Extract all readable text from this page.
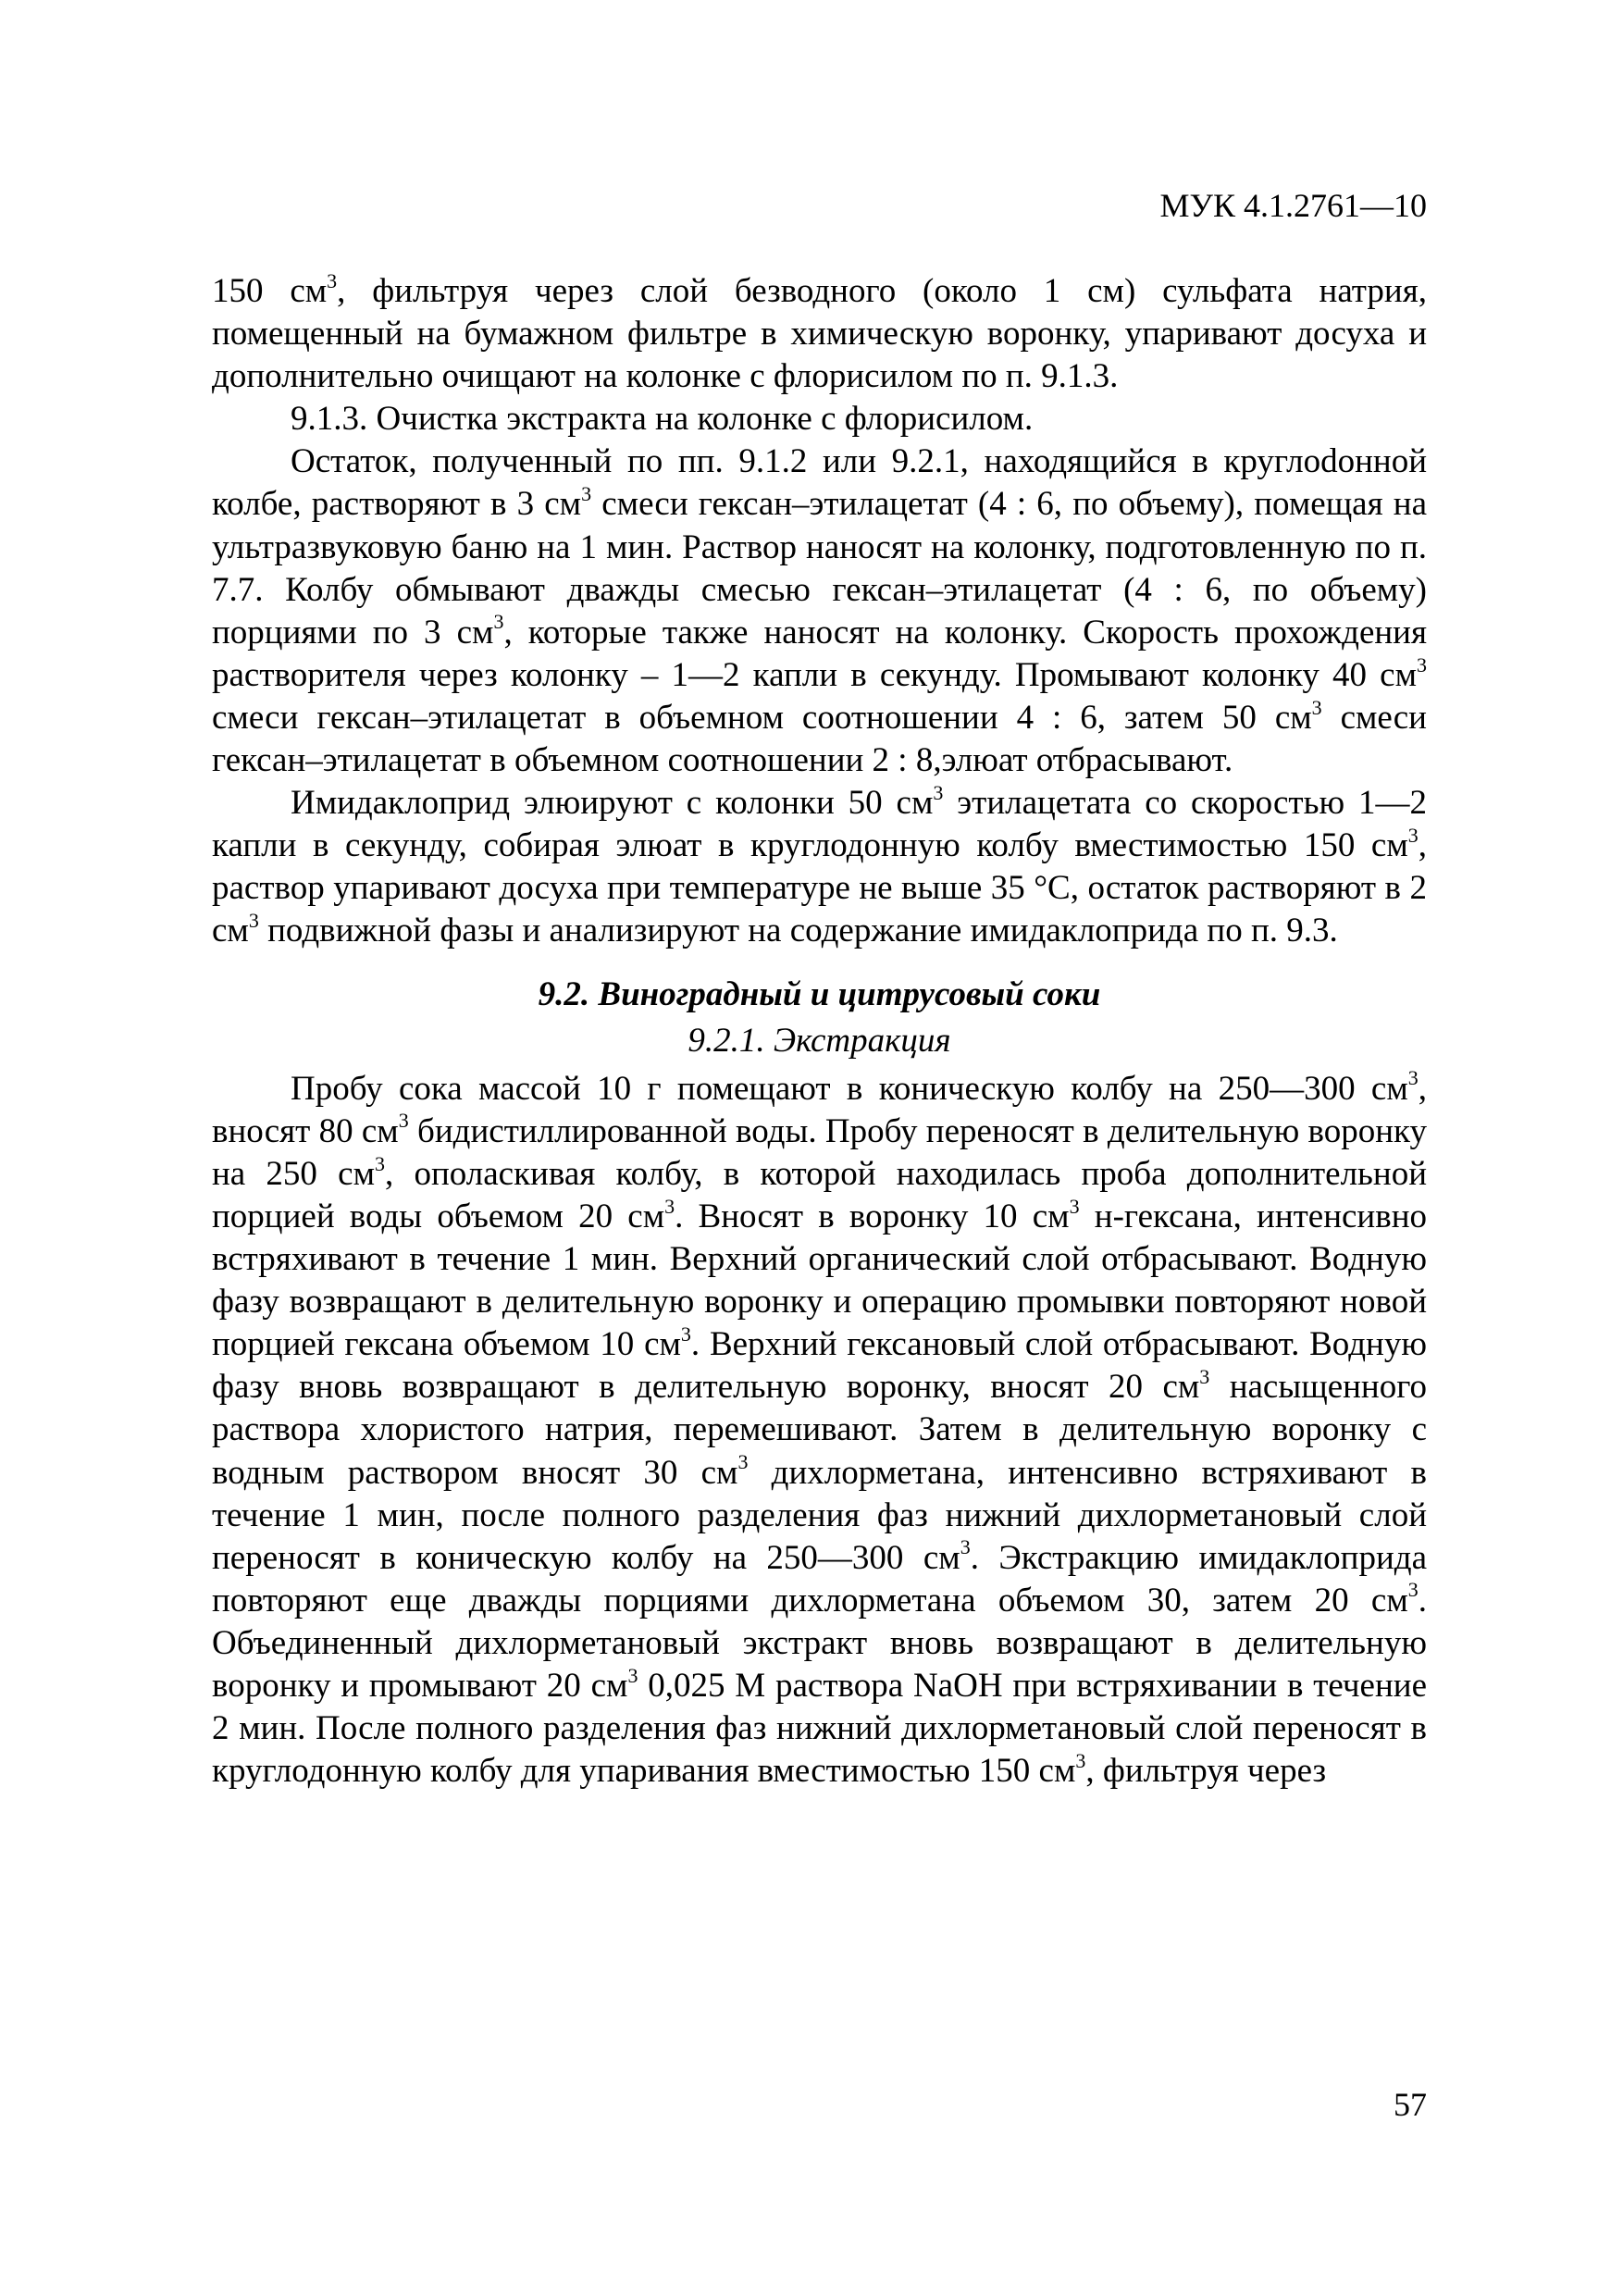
МУК 4.1.2761—10

150 $см^3$, фильтруя через слой безводного (около 1 см) сульфата натрия, помещенный на бумажном фильтре в химическую воронку, упаривают досуха и дополнительно очищают на колонке с флорисилом по п. 9.1.3.

9.1.3. Очистка экстракта на колонке с флорисилом.

Остаток, полученный по пп. 9.1.2 или 9.2.1, находящийся в круглоdонной колбе, растворяют в 3 $см^3$ смеси гексан–этилацетат (4 : 6, по объему), помещая на ультразвуковую баню на 1 мин. Раствор наносят на колонку, подготовленную по п. 7.7. Колбу обмывают дважды смесью гексан–этилацетат (4 : 6, по объему) порциями по 3 $см^3$, которые также наносят на колонку. Скорость прохождения растворителя через колонку – 1—2 капли в секунду. Промывают колонку 40 $см^3$ смеси гексан–этилацетат в объемном соотношении 4 : 6, затем 50 $см^3$ смеси гексан–этилацетат в объемном соотношении 2 : 8,элюат отбрасывают.

Имидаклоприд элюируют с колонки 50 $см^3$ этилацетата со скоростью 1—2 капли в секунду, собирая элюат в круглодонную колбу вместимостью 150 $см^3$, раствор упаривают досуха при температуре не выше 35 °С, остаток растворяют в 2 $см^3$ подвижной фазы и анализируют на содержание имидаклоприда по п. 9.3.

9.2. Виноградный и цитрусовый соки

9.2.1. Экстракция

Пробу сока массой 10 г помещают в коническую колбу на 250—300 $см^3$, вносят 80 $см^3$ бидистиллированной воды. Пробу переносят в делительную воронку на 250 $см^3$, ополаскивая колбу, в которой находилась проба дополнительной порцией воды объемом 20 $см^3$. Вносят в воронку 10 $см^3$ н-гексана, интенсивно встряхивают в течение 1 мин. Верхний органический слой отбрасывают. Водную фазу возвращают в делительную воронку и операцию промывки повторяют новой порцией гексана объемом 10 $см^3$. Верхний гексановый слой отбрасывают. Водную фазу вновь возвращают в делительную воронку, вносят 20 $см^3$ насыщенного раствора хлористого натрия, перемешивают. Затем в делительную воронку с водным раствором вносят 30 $см^3$ дихлорметана, интенсивно встряхивают в течение 1 мин, после полного разделения фаз нижний дихлорметановый слой переносят в коническую колбу на 250—300 $см^3$. Экстракцию имидаклоприда повторяют еще дважды порциями дихлорметана объемом 30, затем 20 $см^3$. Объединенный дихлорметановый экстракт вновь возвращают в делительную воронку и промывают 20 $см^3$ 0,025 М раствора NaOH при встряхивании в течение 2 мин. После полного разделения фаз нижний дихлорметановый слой переносят в круглодонную колбу для упаривания вместимостью 150 $см^3$, фильтруя через

57
